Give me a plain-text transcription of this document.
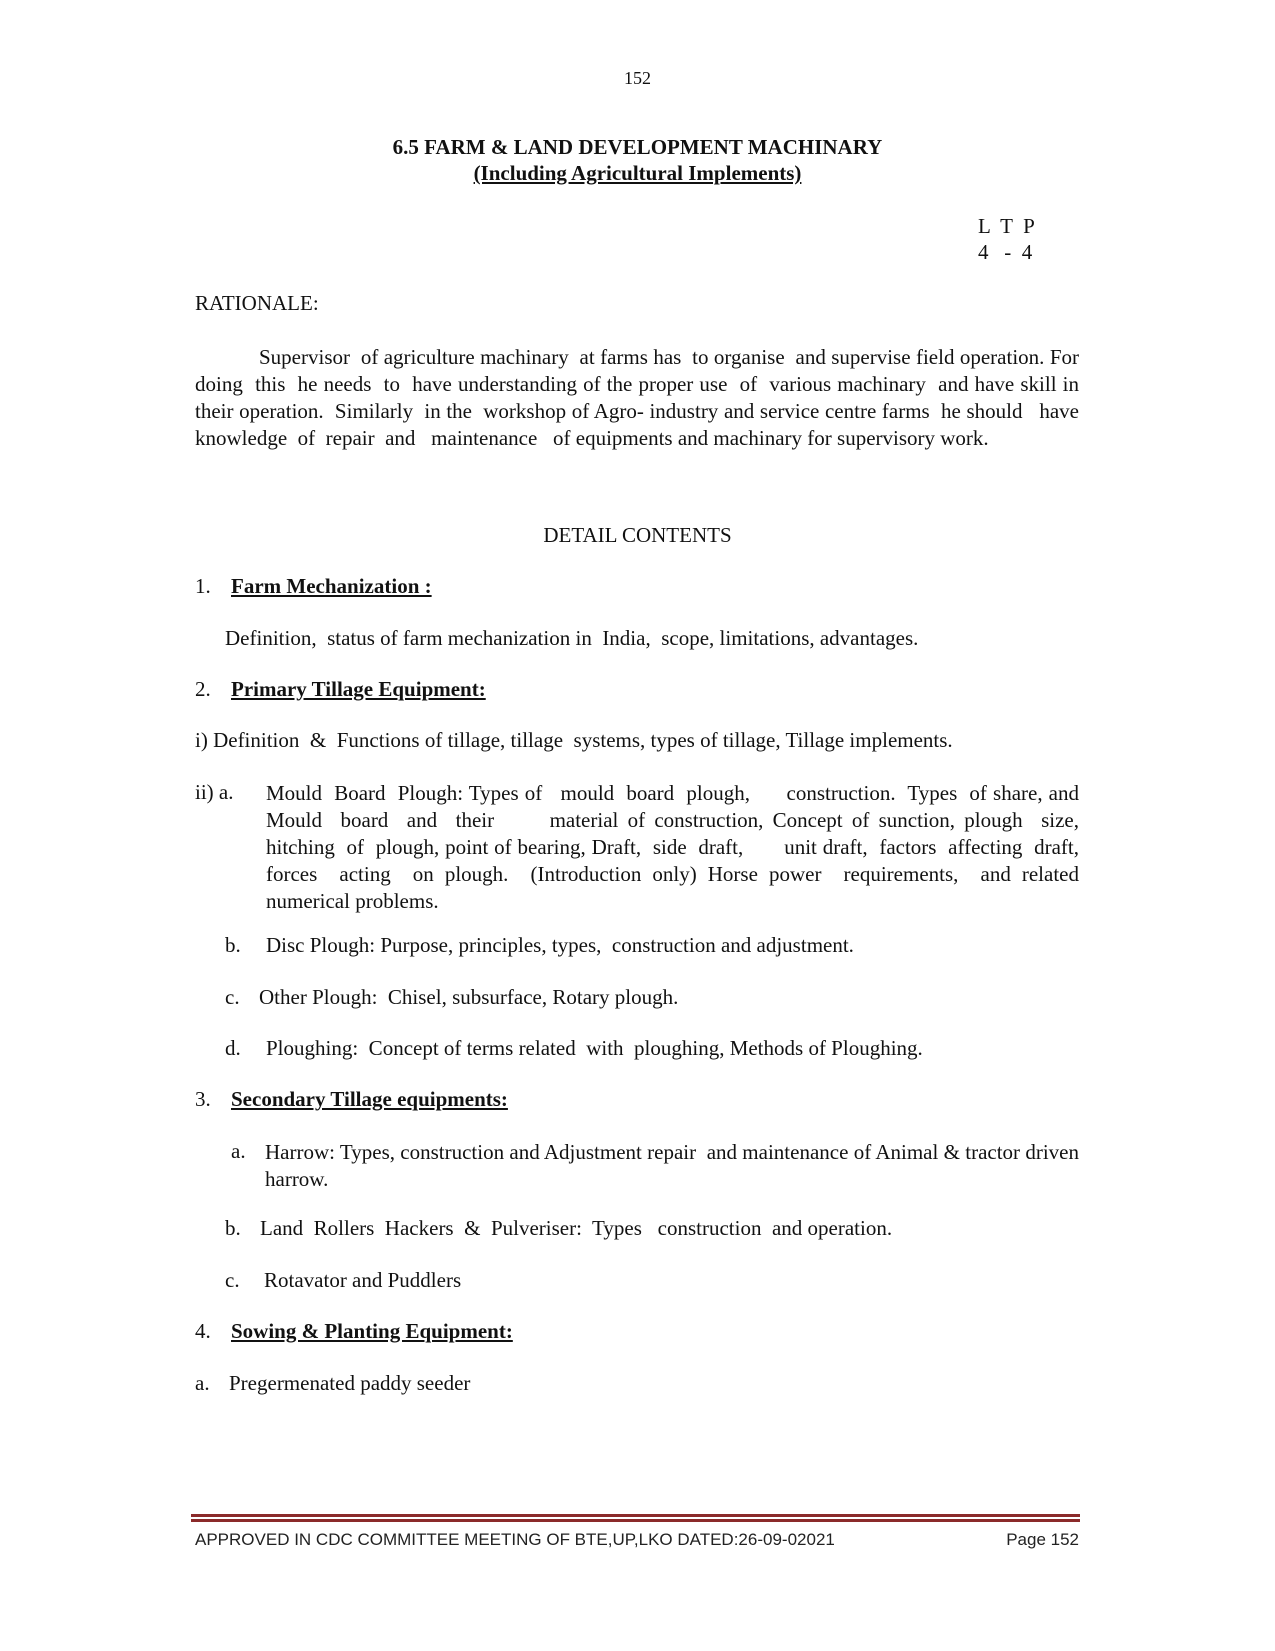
152
6.5 FARM & LAND DEVELOPMENT MACHINARY
(Including Agricultural Implements)
L  T  P
4   -  4
RATIONALE:
Supervisor  of agriculture machinary  at farms has  to organise  and supervise field operation. For doing  this  he needs  to  have understanding of the proper use  of  various machinary  and have skill in their operation.  Similarly  in the  workshop of Agro- industry and service centre farms  he should   have  knowledge  of  repair  and   maintenance   of equipments and machinary for supervisory work.
DETAIL CONTENTS
1. Farm Mechanization :
Definition,  status of farm mechanization in  India,  scope, limitations, advantages.
2. Primary Tillage Equipment:
i) Definition  &  Functions of tillage, tillage  systems, types of tillage, Tillage implements.
ii) a. Mould  Board  Plough: Types of   mould  board  plough,      construction.  Types  of share, and Mould  board  and  their      material of construction, Concept of sunction, plough  size,      hitching  of  plough, point of bearing, Draft,  side  draft,       unit draft,  factors  affecting  draft,  forces  acting  on plough.  (Introduction only) Horse power  requirements,  and related numerical problems.
b. Disc Plough: Purpose, principles, types,  construction and adjustment.
c. Other Plough:  Chisel, subsurface, Rotary plough.
d. Ploughing:  Concept of terms related  with  ploughing, Methods of Ploughing.
3. Secondary Tillage equipments:
a. Harrow: Types, construction and Adjustment repair  and maintenance of Animal & tractor driven harrow.
b. Land  Rollers  Hackers  &  Pulveriser:  Types   construction  and operation.
c. Rotavator and Puddlers
4. Sowing & Planting Equipment:
a. Pregermenated paddy seeder
APPROVED IN CDC COMMITTEE MEETING OF BTE,UP,LKO DATED:26-09-02021	Page 152
